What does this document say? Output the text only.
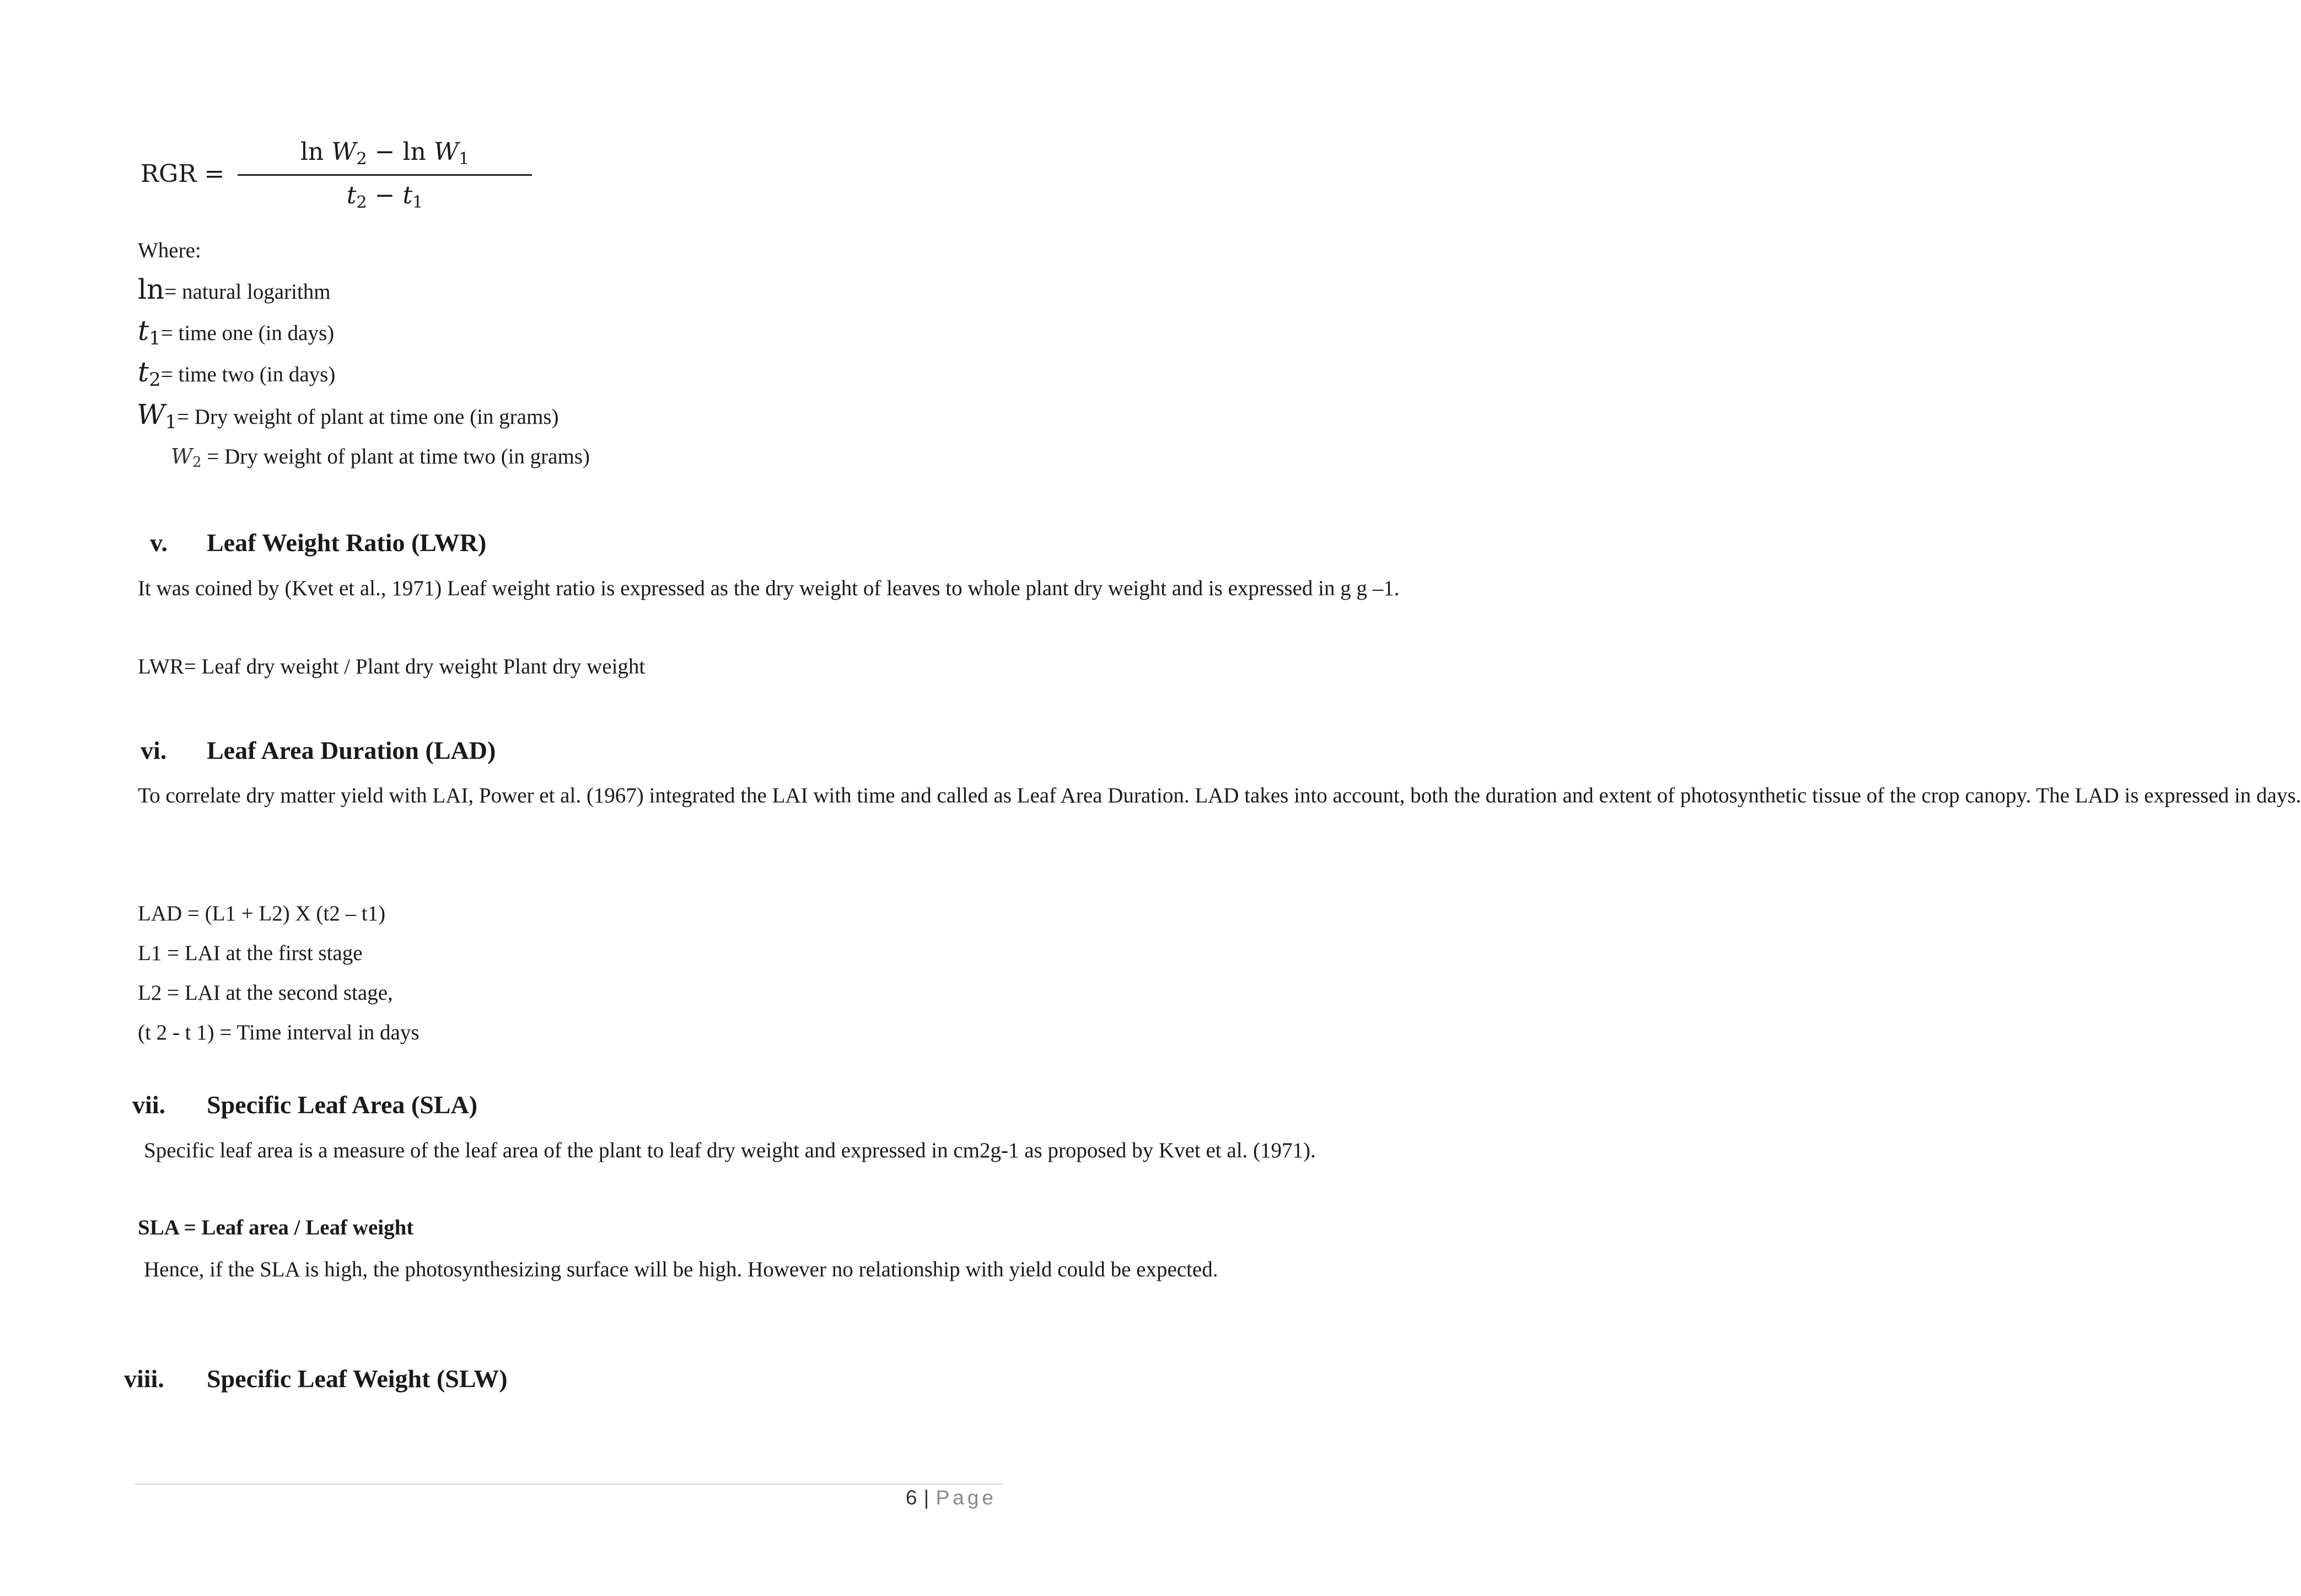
RGR =
$\ln W_2 - \ln W_1$
$t_2 - t_1$
Where:
ln= natural logarithm
$t_1=$ time one (in days)
$t_2=$ time two (in days)
$W_1=$ Dry weight of plant at time one (in grams)
$W_2$ = Dry weight of plant at time two (in grams)
v. Leaf Weight Ratio (LWR)
It was coined by (Kvet et al., 1971) Leaf weight ratio is expressed as the dry weight of leaves to whole plant dry weight and is expressed in g g –1.
LWR= Leaf dry weight / Plant dry weight Plant dry weight
vi. Leaf Area Duration (LAD)
To correlate dry matter yield with LAI, Power et al. (1967) integrated the LAI with time and called as Leaf Area Duration. LAD takes into account, both the duration and extent of photosynthetic tissue of the crop canopy. The LAD is expressed in days.
LAD = (L1 + L2) X (t2 – t1)
L1 = LAI at the first stage
L2 = LAI at the second stage,
(t 2 - t 1) = Time interval in days
vii. Specific Leaf Area (SLA)
Specific leaf area is a measure of the leaf area of the plant to leaf dry weight and expressed in cm2g-1 as proposed by Kvet et al. (1971).
SLA = Leaf area / Leaf weight
Hence, if the SLA is high, the photosynthesizing surface will be high. However no relationship with yield could be expected.
viii. Specific Leaf Weight (SLW)
6 | Page
